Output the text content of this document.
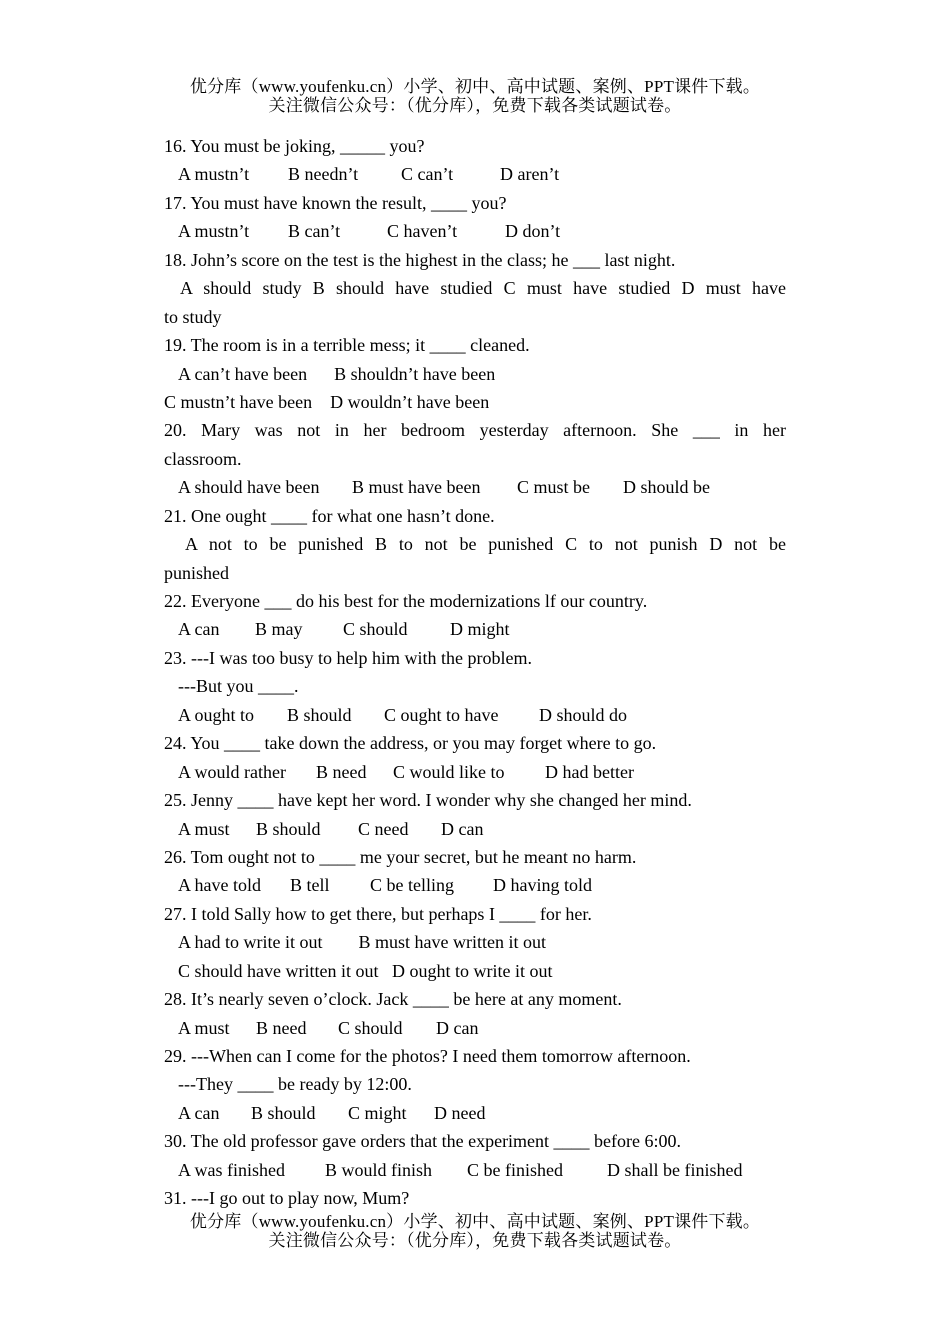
优分库（www.youfenku.cn）小学、初中、高中试题、案例、PPT课件下载。
关注微信公众号：（优分库），免费下载各类试题试卷。
16. You must be joking, _____ you?
A mustn’t B needn’t C can’t	D aren’t
17. You must have known the result, ____ you?
A mustn’t B can’t	C haven’t	D don’t
18. John’s score on the test is the highest in the class; he ___ last night.
A should study B should have studied C must have studied D must have
to study
19. The room is in a terrible mess; it ____ cleaned.
A can’t have been      B shouldn’t have been
C mustn’t have been    D wouldn’t have been
20. Mary was not in her bedroom yesterday afternoon. She ___ in her
classroom.
A should have been B must have been C must be D should be
21. One ought ____ for what one hasn’t done.
A not to be punished B to not be punished C to not punish D not be
punished
22. Everyone ___ do his best for the modernizations lf our country.
A can B may C should D might
23. ---I was too busy to help him with the problem.
---But you ____.
A ought to B should C ought to have D should do
24. You ____ take down the address, or you may forget where to go.
A would rather B need C would like to D had better
25. Jenny ____ have kept her word. I wonder why she changed her mind.
A must B should C need D can
26. Tom ought not to ____ me your secret, but he meant no harm.
A have told B tell C be telling D having told
27. I told Sally how to get there, but perhaps I ____ for her.
A had to write it out        B must have written it out
C should have written it out   D ought to write it out
28. It’s nearly seven o’clock. Jack ____ be here at any moment.
A must B need C should D can
29. ---When can I come for the photos? I need them tomorrow afternoon.
---They ____ be ready by 12:00.
A can B should C might D need
30. The old professor gave orders that the experiment ____ before 6:00.
A was finished B would finish C be finished D shall be finished
31. ---I go out to play now, Mum?
优分库（www.youfenku.cn）小学、初中、高中试题、案例、PPT课件下载。
关注微信公众号：（优分库），免费下载各类试题试卷。
